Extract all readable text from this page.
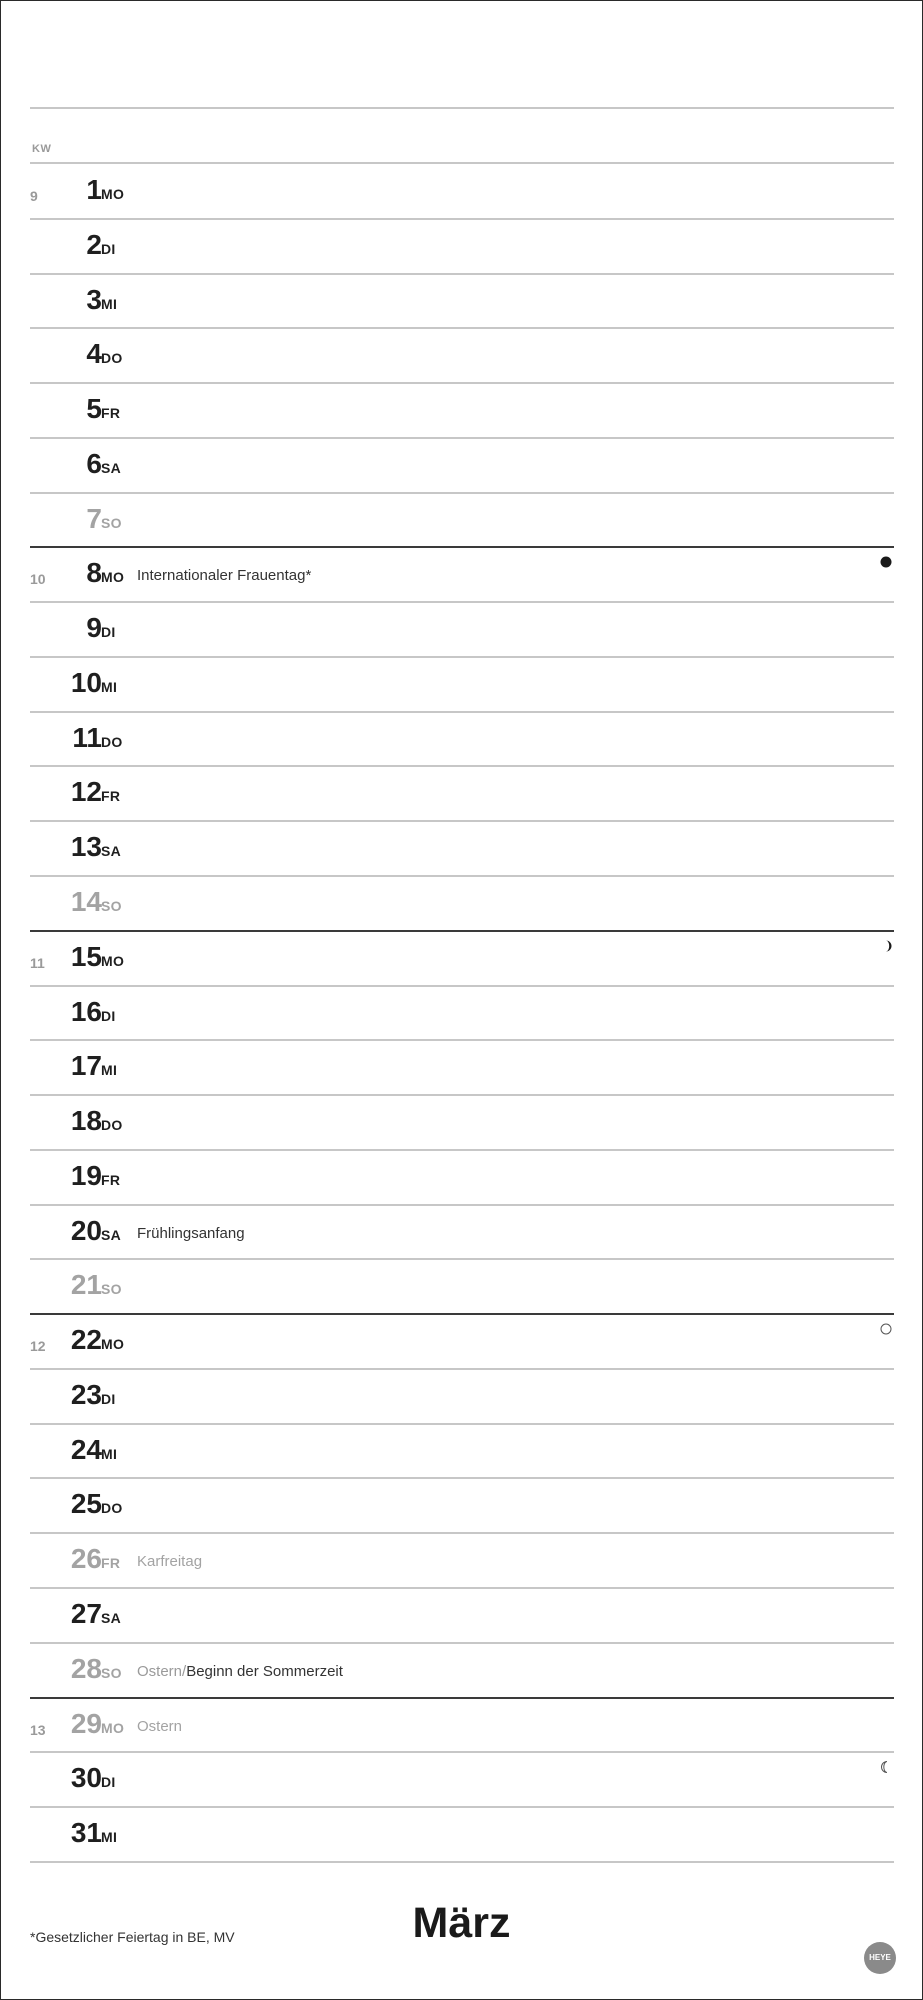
KW
9	1 MO
2 DI
3 MI
4 DO
5 FR
6 SA
7 SO
10	8 MO Internationaler Frauentag*
9 DI
10 MI
11 DO
12 FR
13 SA
14 SO
11 15 MO
16 DI
17 MI
18 DO
19 FR
20 SA Frühlingsanfang
21 SO
12 22 MO
23 DI
24 MI
25 DO
26 FR Karfreitag
27 SA
28 SO Ostern/Beginn der Sommerzeit
13 29 MO Ostern
30 DI
31 MI
März
*Gesetzlicher Feiertag in BE, MV
HEYE
